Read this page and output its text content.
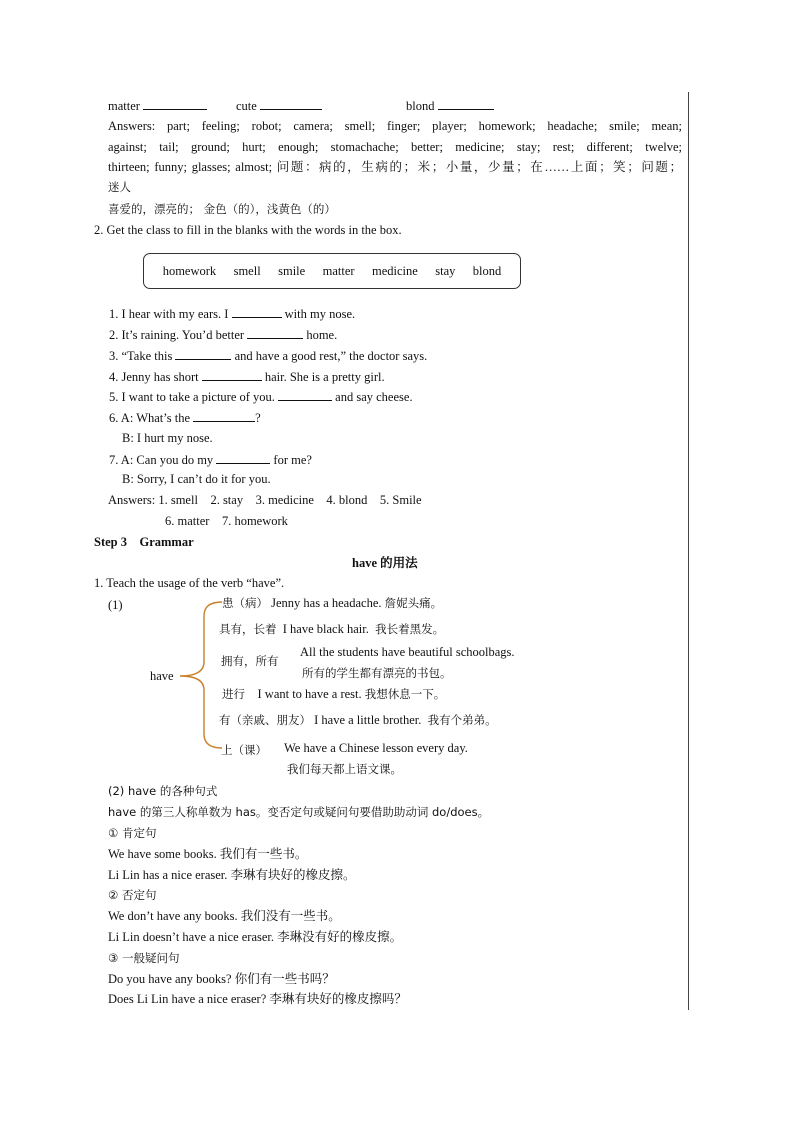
matter	cute	blond
Answers: part; feeling; robot; camera; smell; finger; player; homework; headache; smile; mean;
against; tail; ground; hurt; enough; stomachache; better; medicine; stay; rest; different; twelve;
thirteen; funny; glasses; almost; 问题：病的，生病的；米；小量，少量；在……上面；笑；问题；
迷人
喜爱的，漂亮的； 金色（的），浅黄色（的）
2. Get the class to fill in the blanks with the words in the box.
homework smell smile matter medicine stay blond
1. I hear with my ears. I	with my nose.
2. It’s raining. You’d better	home.
3. “Take this	and have a good rest,” the doctor says.
4. Jenny has short	hair. She is a pretty girl.
5. I want to take a picture of you.	and say cheese.
6. A: What’s the	?
B: I hurt my nose.
7. A: Can you do my	for me?
B: Sorry, I can’t do it for you.
Answers: 1. smell 2. stay 3. medicine 4. blond 5. Smile
6. matter 7. homework
Step 3 Grammar
have 的用法
1. Teach the usage of the verb “have”.
(1)
have
患（病） Jenny has a headache. 詹妮头痛。
具有，长着 I have black hair. 我长着黑发。
拥有，所有
All the students have beautiful schoolbags.
所有的学生都有漂亮的书包。
进行 I want to have a rest. 我想休息一下。
有（亲戚、朋友） I have a little brother. 我有个弟弟。
上（课） We have a Chinese lesson every day.
我们每天都上语文课。
(2) have 的各种句式
have 的第三人称单数为 has。变否定句或疑问句要借助助动词 do/does。
① 肯定句
We have some books. 我们有一些书。
Li Lin has a nice eraser. 李琳有块好的橡皮擦。
② 否定句
We don’t have any books. 我们没有一些书。
Li Lin doesn’t have a nice eraser. 李琳没有好的橡皮擦。
③ 一般疑问句
Do you have any books? 你们有一些书吗？
Does Li Lin have a nice eraser? 李琳有块好的橡皮擦吗？
